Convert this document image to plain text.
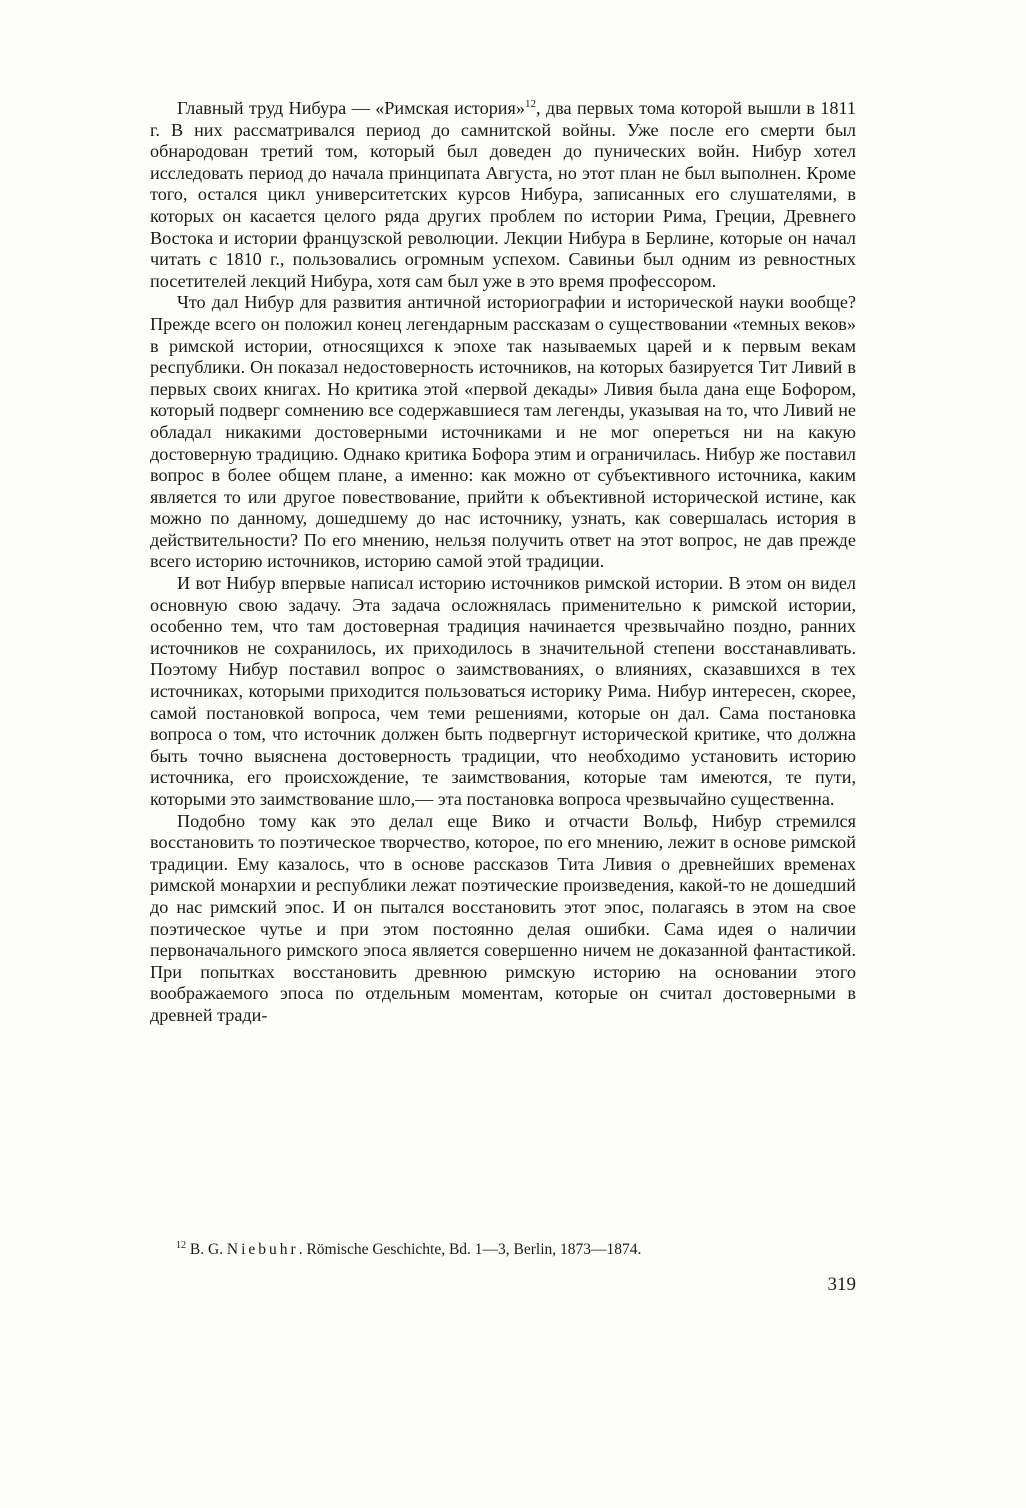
Главный труд Нибура — «Римская история»$^{12}$, два первых тома которой вышли в 1811 г. В них рассматривался период до самнитской войны. Уже после его смерти был обнародован третий том, который был доведен до пунических войн. Нибур хотел исследовать период до начала принципата Августа, но этот план не был выполнен. Кроме того, остался цикл университетских курсов Нибура, записанных его слушателями, в которых он касается целого ряда других проблем по истории Рима, Греции, Древнего Востока и истории французской революции. Лекции Нибура в Берлине, которые он начал читать с 1810 г., пользовались огромным успехом. Савиньи был одним из ревностных посетителей лекций Нибура, хотя сам был уже в это время профессором.

Что дал Нибур для развития античной историографии и исторической науки вообще? Прежде всего он положил конец легендарным рассказам о существовании «темных веков» в римской истории, относящихся к эпохе так называемых царей и к первым векам республики. Он показал недостоверность источников, на которых базируется Тит Ливий в первых своих книгах. Но критика этой «первой декады» Ливия была дана еще Бофором, который подверг сомнению все содержавшиеся там легенды, указывая на то, что Ливий не обладал никакими достоверными источниками и не мог опереться ни на какую достоверную традицию. Однако критика Бофора этим и ограничилась. Нибур же поставил вопрос в более общем плане, а именно: как можно от субъективного источника, каким является то или другое повествование, прийти к объективной исторической истине, как можно по данному, дошедшему до нас источнику, узнать, как совершалась история в действительности? По его мнению, нельзя получить ответ на этот вопрос, не дав прежде всего историю источников, историю самой этой традиции.

И вот Нибур впервые написал историю источников римской истории. В этом он видел основную свою задачу. Эта задача осложнялась применительно к римской истории, особенно тем, что там достоверная традиция начинается чрезвычайно поздно, ранних источников не сохранилось, их приходилось в значительной степени восстанавливать. Поэтому Нибур поставил вопрос о заимствованиях, о влияниях, сказавшихся в тех источниках, которыми приходится пользоваться историку Рима. Нибур интересен, скорее, самой постановкой вопроса, чем теми решениями, которые он дал. Сама постановка вопроса о том, что источник должен быть подвергнут исторической критике, что должна быть точно выяснена достоверность традиции, что необходимо установить историю источника, его происхождение, те заимствования, которые там имеются, те пути, которыми это заимствование шло,— эта постановка вопроса чрезвычайно существенна.

Подобно тому как это делал еще Вико и отчасти Вольф, Нибур стремился восстановить то поэтическое творчество, которое, по его мнению, лежит в основе римской традиции. Ему казалось, что в основе рассказов Тита Ливия о древнейших временах римской монархии и республики лежат поэтические произведения, какой-то не дошедший до нас римский эпос. И он пытался восстановить этот эпос, полагаясь в этом на свое поэтическое чутье и при этом постоянно делая ошибки. Сама идея о наличии первоначального римского эпоса является совершенно ничем не доказанной фантастикой. При попытках восстановить древнюю римскую историю на основании этого воображаемого эпоса по отдельным моментам, которые он считал достоверными в древней тради-

$^{12}$ B. G. Niebuhr. Römische Geschichte, Bd. 1—3, Berlin, 1873—1874.
319
